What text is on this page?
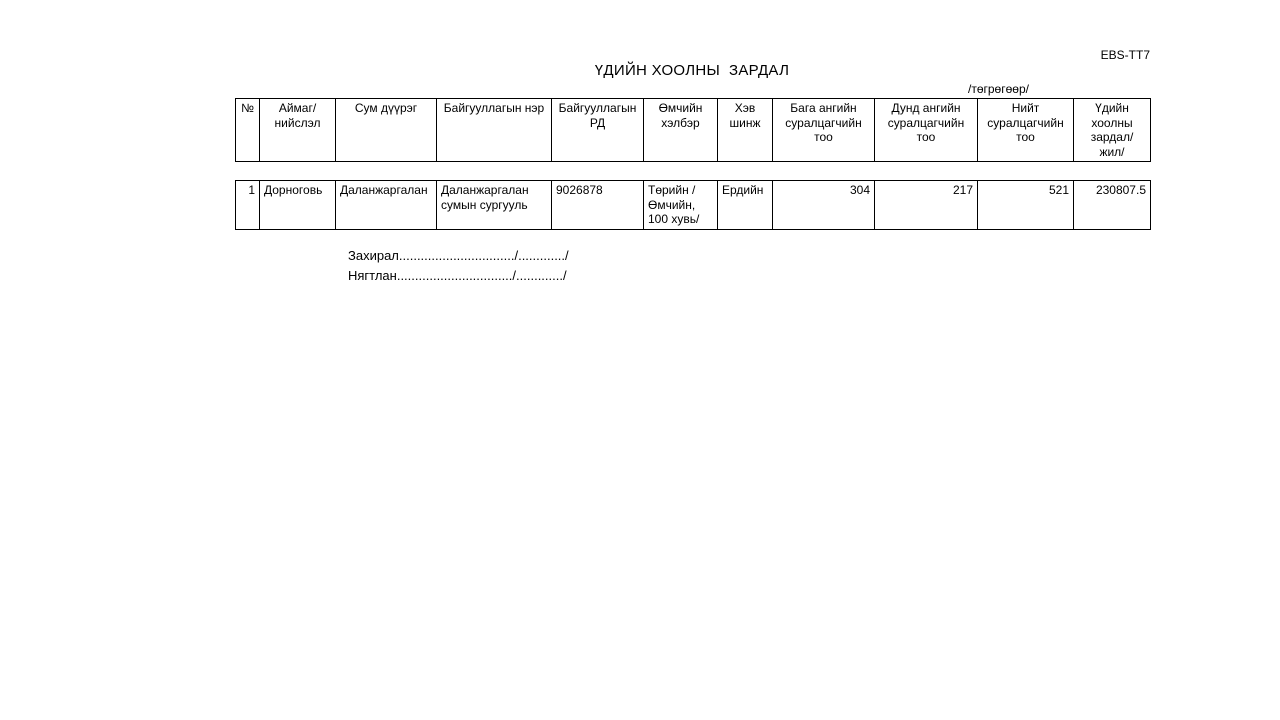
EBS-TT7
ҮДИЙН ХООЛНЫ  ЗАРДАЛ
/төгрөгөөр/
№	Аймаг/ нийслэл	Сум дүүрэг	Байгууллагын нэр	Байгууллагын РД	Өмчийн хэлбэр	Хэв шинж	Бага ангийн суралцагчийн тоо	Дунд ангийн суралцагчийн тоо	Нийт суралцагчийн тоо	Үдийн хоолны зардал/ жил/
1	Дорноговь	Даланжаргалан	Даланжаргалан сумын сургууль	9026878	Төрийн / Өмчийн, 100 хувь/	Ердийн	304	217	521	230807.5
Захирал................................/............./
Нягтлан................................/............./
